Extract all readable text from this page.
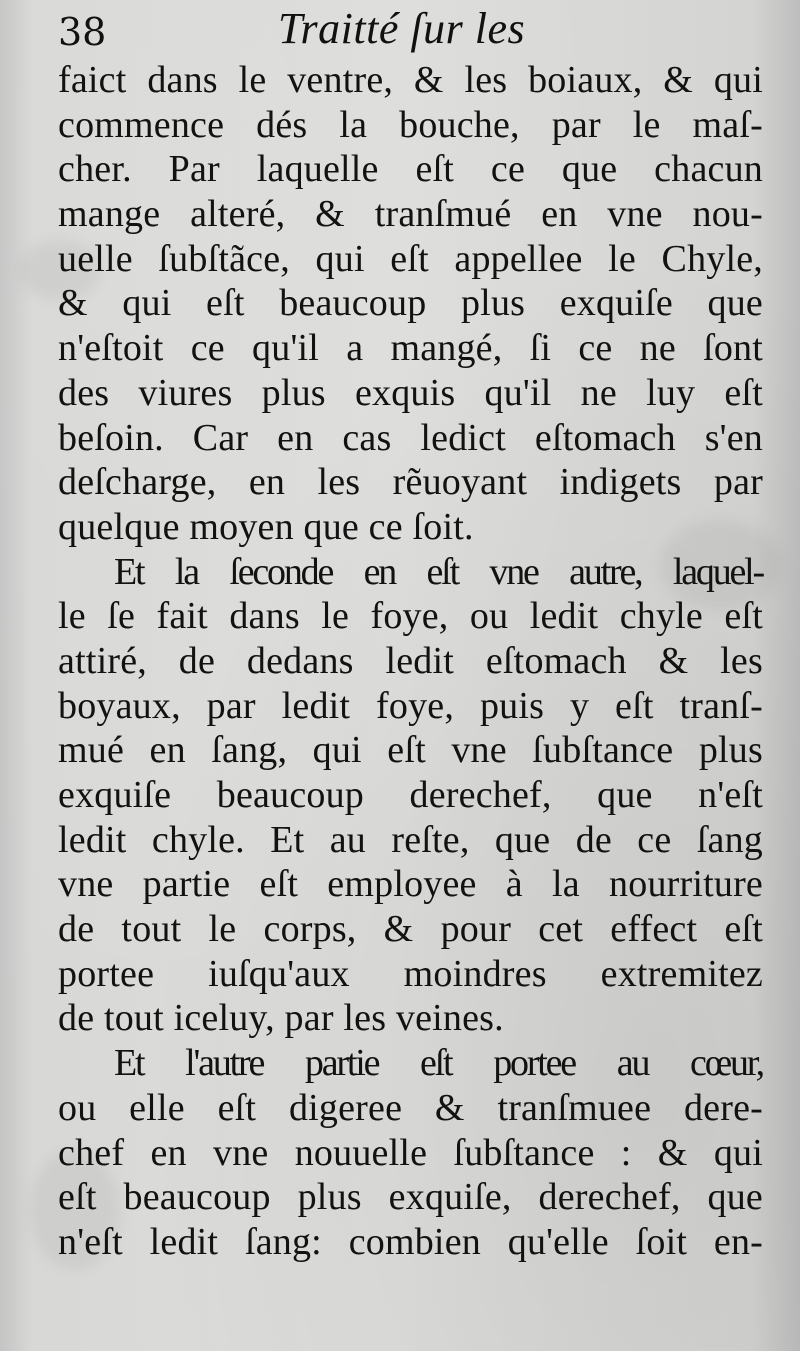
38	Traitté ſur les
faict dans le ventre, & les boiaux, & qui
commence dés la bouche, par le maſ-
cher. Par laquelle eſt ce que chacun
mange alteré, & tranſmué en vne nou-
uelle ſubſtãce, qui eſt appellee le Chyle,
& qui eſt beaucoup plus exquiſe que
n'eſtoit ce qu'il a mangé, ſi ce ne ſont
des viures plus exquis qu'il ne luy eſt
beſoin. Car en cas ledict eſtomach s'en
deſcharge, en les rẽuoyant indigets par
quelque moyen que ce ſoit.
Et la ſeconde en eſt vne autre, laquel-
le ſe fait dans le foye, ou ledit chyle eſt
attiré, de dedans ledit eſtomach & les
boyaux, par ledit foye, puis y eſt tranſ-
mué en ſang, qui eſt vne ſubſtance plus
exquiſe beaucoup derechef, que n'eſt
ledit chyle. Et au reſte, que de ce ſang
vne partie eſt employee à la nourriture
de tout le corps, & pour cet effect eſt
portee iuſqu'aux moindres extremitez
de tout iceluy, par les veines.
Et l'autre partie eſt portee au cœur,
ou elle eſt digeree & tranſmuee dere-
chef en vne nouuelle ſubſtance : & qui
eſt beaucoup plus exquiſe, derechef, que
n'eſt ledit ſang: combien qu'elle ſoit en-
